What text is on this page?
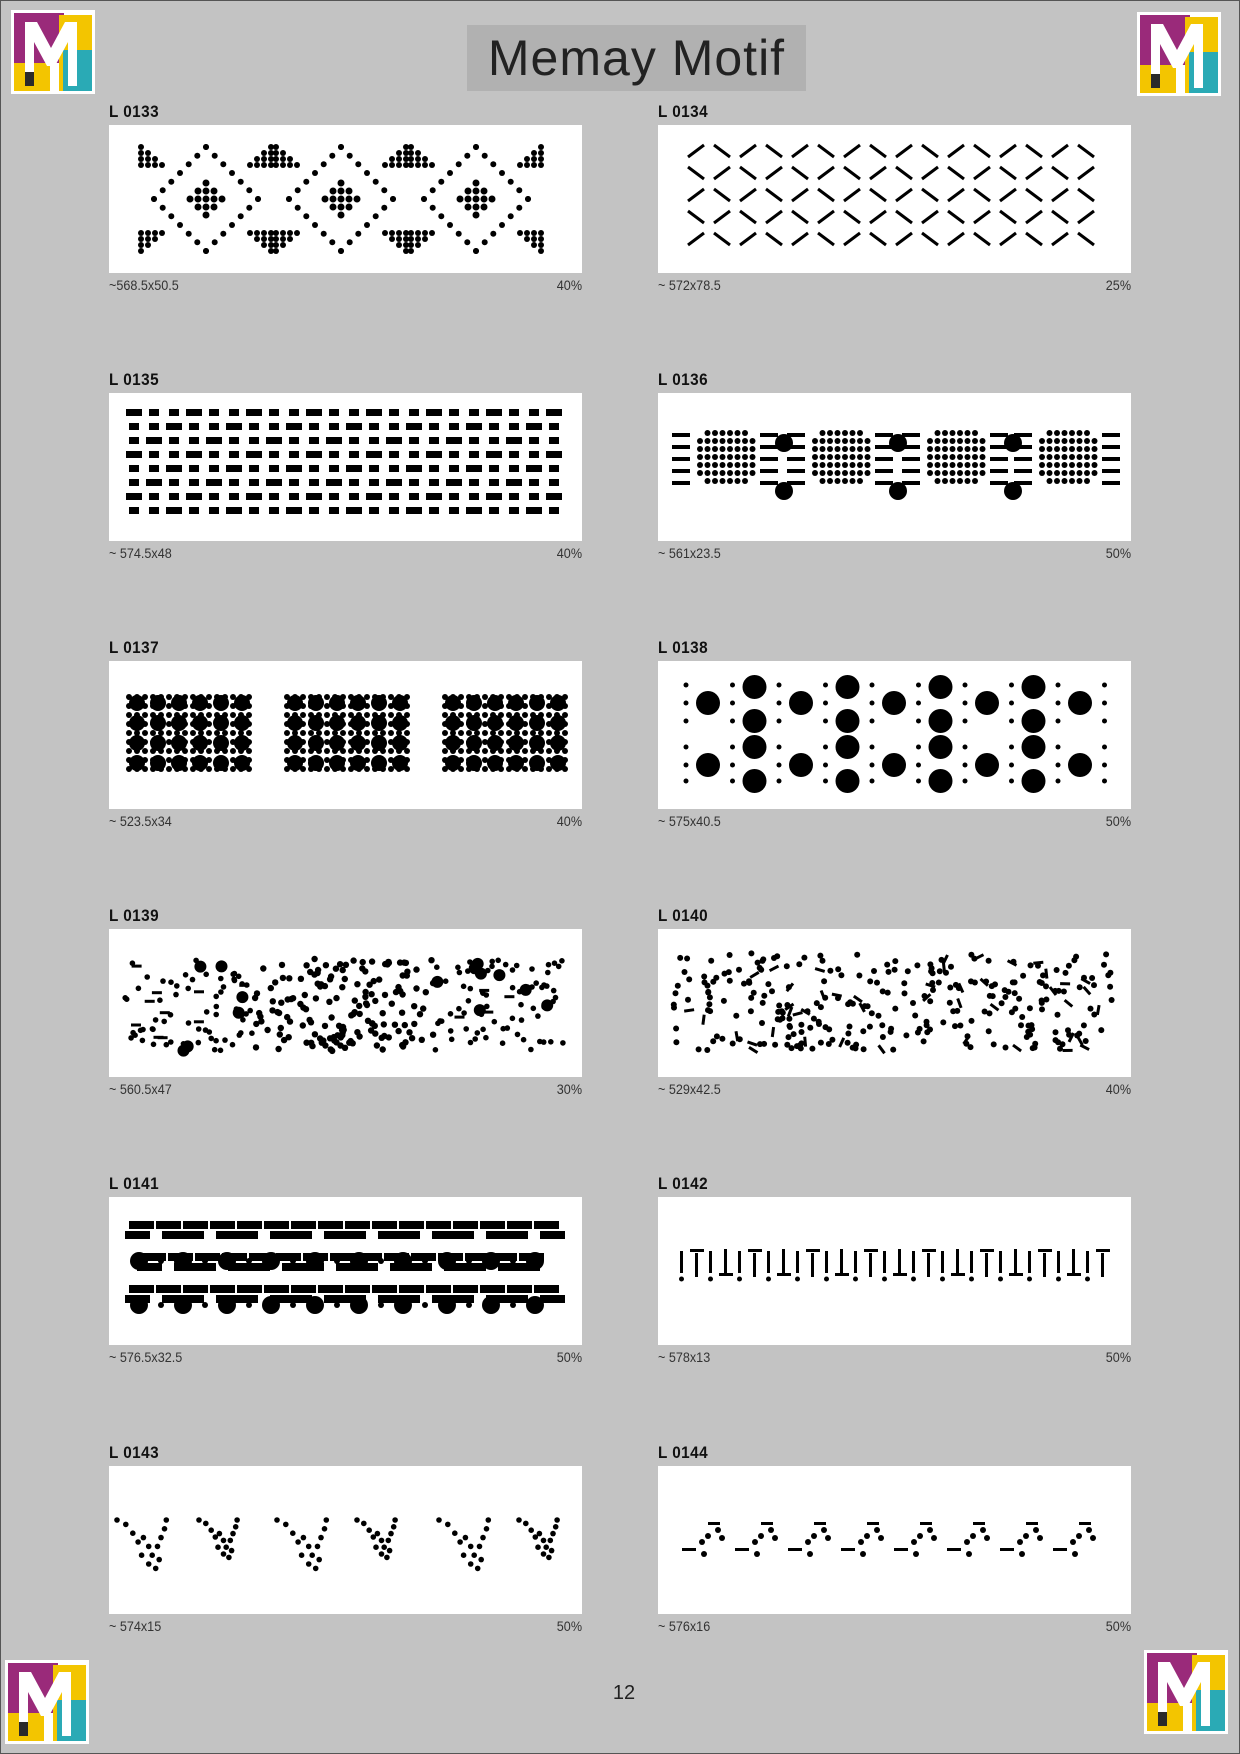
Memay Motif
L 0133
~568.5x50.5	40%
L 0134
~ 572x78.5	25%
L 0135
~ 574.5x48	40%
L 0136
~ 561x23.5	50%
L 0137
~ 523.5x34	40%
L 0138
~ 575x40.5	50%
L 0139
~ 560.5x47	30%
L 0140
~ 529x42.5	40%
L 0141
~ 576.5x32.5	50%
L 0142
~ 578x13	50%
L 0143
~ 574x15	50%
L 0144
~ 576x16	50%
12
